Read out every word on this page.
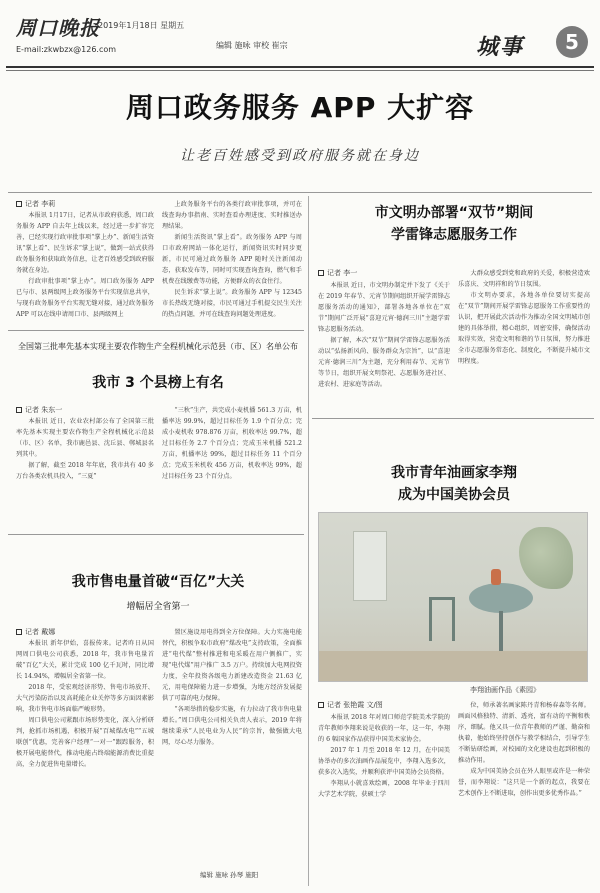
周口晚报
2019年1月18日 星期五
E-mail:zkwbzx@126.com	编辑 施咏 审校 崔宗	城事	5
周口政务服务 APP 大扩容
让老百姓感受到政府服务就在身边
记者 李莉

本报讯 1月17日，记者从市政府获悉，周口政务服务 APP 自去年上线以来，经过进一步扩容完善，已经实现行政审批事项“掌上办”、新闻生活资讯“掌上看”、民生诉求“掌上说”，做到一站式获得政务服务和获取政务信息，让老百姓感受到政府服务就在身边。

行政审批事项“掌上办”。周口政务服务 APP 已与市、县两级网上政务服务平台实现信息共享，与现有政务服务平台实现无缝对接，通过政务服务 APP 可以在线申请周口市、县两级网上

上政务服务平台的各类行政审批事项，并可在线查询办事指南、实时查看办理进度、实时推送办理结果。

新闻生活资讯“掌上看”。政务服务 APP 与周口市政府网站一体化运行，新闻资讯实时同步更新，市民可通过政务服务 APP 随时关注新闻动态，获取发布等，同时可实现查询查询，燃气和手机费在线缴费等功能，方便群众的衣食住行。

民生诉求“掌上说”。政务服务 APP 与 12345 市长热线无缝对接，市民可通过手机提交民生关注的热点问题，并可在线查询问题处理进度。

全国第三批率先基本实现主要农作物生产全程机械化示范县（市、区）名单公布
我市 3 个县榜上有名
记者 朱东一

本报讯 近日，农业农村部公布了全国第三批率先基本实现主要农作物生产全程机械化示范县（市、区）名单，我市鹿邑县、沈丘县、郸城县名列其中。

据了解，截至 2018 年年底，我市共有 40 多万台各类农机具投入，“三夏”

“三秋”生产，共完成小麦机播 561.3 万亩，机播率达 99.9%，超过目标任务 1.9 个百分点；完成小麦机收 978.876 万亩，机收率达 99.7%，超过目标任务 2.7 个百分点；完成玉米机播 521.2 万亩，机播率达 99%，超过目标任务 11 个百分点；完成玉米机收 456 万亩，机收率达 99%，超过目标任务 23 个百分点。

我市售电量首破“百亿”大关
增幅居全省第一
记者 戴娜

本报讯 新年伊始，喜报传来。记者昨日从国网周口供电公司获悉，2018 年，我市售电量首破“百亿”大关，累计完成 100 亿千瓦时，同比增长 14.94%，增幅居全省第一位。

2018 年，受宏观经济形势、售电市场放开、大气污染防治以及高耗能企业关停等多方面因素影响，我市售电市场面临严峻形势。

周口供电公司紧跟市场形势变化，深入分析研判，抢抓市场机遇，积极开展“百城煤改电”“五城联创”优惠，完善客户经理“一对一”跟踪服务，积极开展电能替代，推动电能占终端能源消费比重提高，全力促进售电量增长。

置区施设用电得到全方位保障。大力实施电能替代，积极争取市政府“煤改电”支持政策，全面推进“电代煤”整村推进和电采暖在用户侧推广，实现“电代煤”用户推广 3.5 万户。持续加大电网投资力度，全年投资各级电力新建改造资金 21.63 亿元，用电保障能力进一步增强，为地方经济发展提供了可靠的电力保障。

“各项举措的稳步实施，有力拉动了我市售电量增长。”周口供电公司相关负责人表示，2019 年将继续秉承“人民电业为人民”的宗旨，做强做大电网，尽心尽力服务。

编辑 施咏 孙琴 施阳
市文明办部署“双节”期间
学雷锋志愿服务工作
记者 李一

本报讯 近日，市文明办制定并下发了《关于在 2019 年春节、元宵节期间组织开展学雷锋志愿服务活动的通知》，部署各地各单位在“双节”期间广泛开展“喜迎元宵·德润三川”主题学雷锋志愿服务活动。

据了解，本次“双节”期间学雷锋志愿服务活动以“弘扬新风尚、服务群众为宗旨”，以“喜迎元宵·德润三川”为主题，充分利用春节、元宵节等节日，组织开展文明祭祀、志愿服务进社区、进农村、进家庭等活动。

大群众感受到党和政府的关爱，积极营造欢乐喜庆、文明祥和的节日氛围。

市文明办要求，各地各单位要切实提高在“双节”期间开展学雷锋志愿服务工作重要性的认识，把开展此次活动作为推动全国文明城市创建的具体举措，精心组织，周密安排，确保活动取得实效，营造文明和谐的节日氛围，努力推进全市志愿服务常态化、制度化，不断提升城市文明程度。

我市青年油画家李翔
成为中国美协会员
李翔油画作品《素园》
记者 张艳霞 文/图

本报讯 2018 年对周口师范学院美术学院的青年教师李翔来说是收获的一年，这一年，李翔的 6 幅国家作品获得中国美术家协会。

2017 年 1 月至 2018 年 12 月，在中国美协举办的多次油画作品展览中，李翔入选多次，获多次入选奖，并顺利获评中国美协会员资格。

李翔从小就喜欢绘画，2008 年毕业于四川大学艺术学院，获硕士学

位，师承著名画家陈丹青和杨春森等名师。画面风格独特、清新、透亮，富有动的平衡和秩序，细腻。他又具一位青年教师的严谨、勤奋和执着，他始终坚持创作与教学相结合，引导学生不断钻研绘画，对校园的文化建设也起到积极的推动作用。

成为中国美协会员在外人眼里或许是一种荣誉，而李翔说：“这只是一个新的起点，我要在艺术创作上不断进取，创作出更多优秀作品。”
